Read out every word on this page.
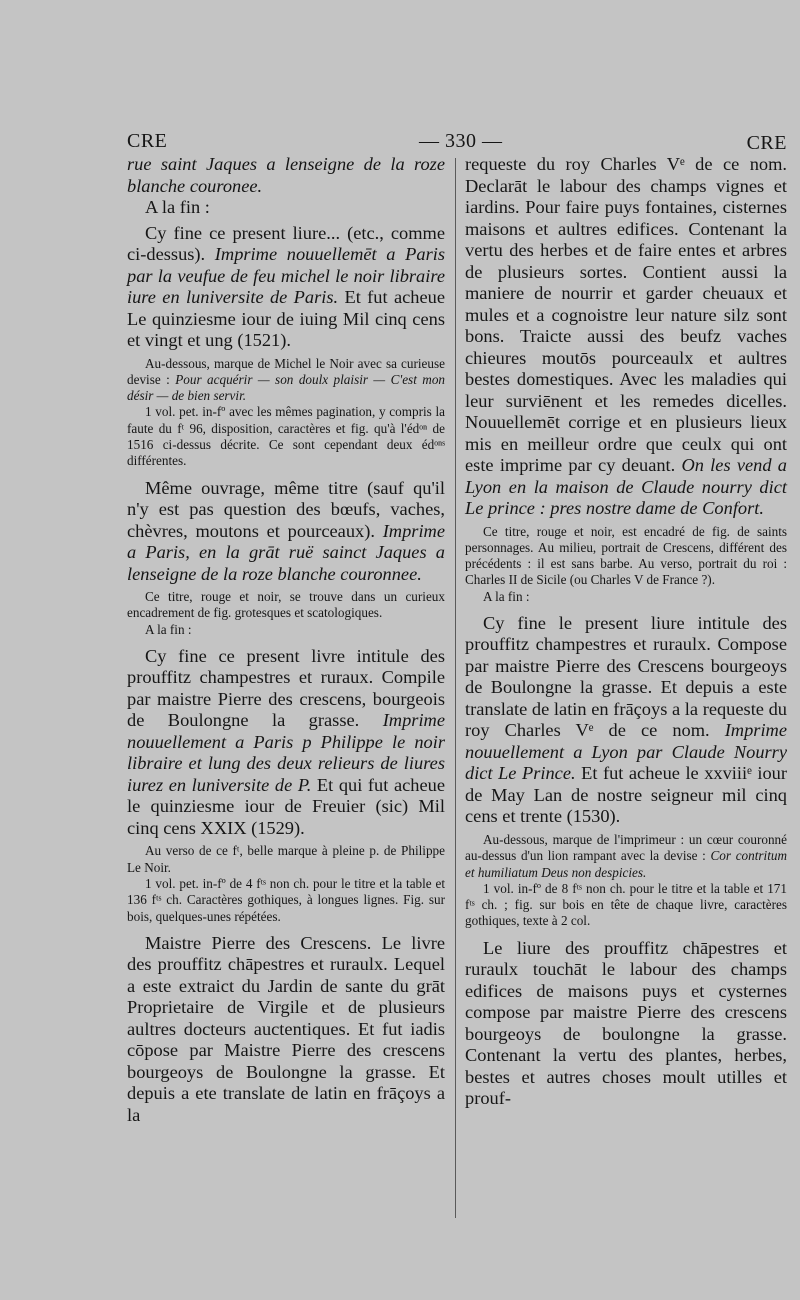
CRE	— 330 —	CRE

rue saint Jaques a lenseigne de la roze blanche couronee.

A la fin :

Cy fine ce present liure... (etc., comme ci-dessus). Imprime nouuellemēt a Paris par la veufue de feu michel le noir libraire iure en luniversite de Paris. Et fut acheue Le quinziesme iour de iuing Mil cinq cens et vingt et ung (1521).

Au-dessous, marque de Michel le Noir avec sa curieuse devise : Pour acquérir — son doulx plaisir — C'est mon désir — de bien servir.

1 vol. pet. in-fº avec les mêmes pagination, y compris la faute du fᵗ 96, disposition, caractères et fig. qu'à l'édᵒⁿ de 1516 ci-dessus décrite. Ce sont cependant deux édᵒⁿˢ différentes.

Même ouvrage, même titre (sauf qu'il n'y est pas question des bœufs, vaches, chèvres, moutons et pourceaux). Imprime a Paris, en la grāt ruë sainct Jaques a lenseigne de la roze blanche couronnee.

Ce titre, rouge et noir, se trouve dans un curieux encadrement de fig. grotesques et scatologiques.

A la fin :

Cy fine ce present livre intitule des prouffitz champestres et ruraux. Compile par maistre Pierre des crescens, bourgeois de Boulongne la grasse. Imprime nouuellement a Paris p Philippe le noir libraire et lung des deux relieurs de liures iurez en luniversite de P. Et qui fut acheue le quinziesme iour de Freuier (sic) Mil cinq cens XXIX (1529).

Au verso de ce fᵗ, belle marque à pleine p. de Philippe Le Noir.

1 vol. pet. in-fº de 4 fᵗˢ non ch. pour le titre et la table et 136 fᵗˢ ch. Caractères gothiques, à longues lignes. Fig. sur bois, quelques-unes répétées.

Maistre Pierre des Crescens. Le livre des prouffitz chāpestres et ruraulx. Lequel a este extraict du Jardin de sante du grāt Proprietaire de Virgile et de plusieurs aultres docteurs auctentiques. Et fut iadis cōpose par Maistre Pierre des crescens bourgeoys de Boulongne la grasse. Et depuis a ete translate de latin en frāçoys a la

requeste du roy Charles Vᵉ de ce nom. Declarāt le labour des champs vignes et iardins. Pour faire puys fontaines, cisternes maisons et aultres edifices. Contenant la vertu des herbes et de faire entes et arbres de plusieurs sortes. Contient aussi la maniere de nourrir et garder cheuaux et mules et a cognoistre leur nature silz sont bons. Traicte aussi des beufz vaches chieures moutōs pourceaulx et aultres bestes domestiques. Avec les maladies qui leur surviēnent et les remedes dicelles. Nouuellemēt corrige et en plusieurs lieux mis en meilleur ordre que ceulx qui ont este imprime par cy deuant. On les vend a Lyon en la maison de Claude nourry dict Le prince : pres nostre dame de Confort.

Ce titre, rouge et noir, est encadré de fig. de saints personnages. Au milieu, portrait de Crescens, différent des précédents : il est sans barbe. Au verso, portrait du roi : Charles II de Sicile (ou Charles V de France ?).

A la fin :

Cy fine le present liure intitule des prouffitz champestres et ruraulx. Compose par maistre Pierre des Crescens bourgeoys de Boulongne la grasse. Et depuis a este translate de latin en frāçoys a la requeste du roy Charles Vᵉ de ce nom. Imprime nouuellement a Lyon par Claude Nourry dict Le Prince. Et fut acheue le xxviiiᵉ iour de May Lan de nostre seigneur mil cinq cens et trente (1530).

Au-dessous, marque de l'imprimeur : un cœur couronné au-dessus d'un lion rampant avec la devise : Cor contritum et humiliatum Deus non despicies.

1 vol. in-fº de 8 fᵗˢ non ch. pour le titre et la table et 171 fᵗˢ ch. ; fig. sur bois en tête de chaque livre, caractères gothiques, texte à 2 col.

Le liure des prouffitz chāpestres et ruraulx touchāt le labour des champs edifices de maisons puys et cysternes compose par maistre Pierre des crescens bourgeoys de boulongne la grasse. Contenant la vertu des plantes, herbes, bestes et autres choses moult utilles et prouf-
